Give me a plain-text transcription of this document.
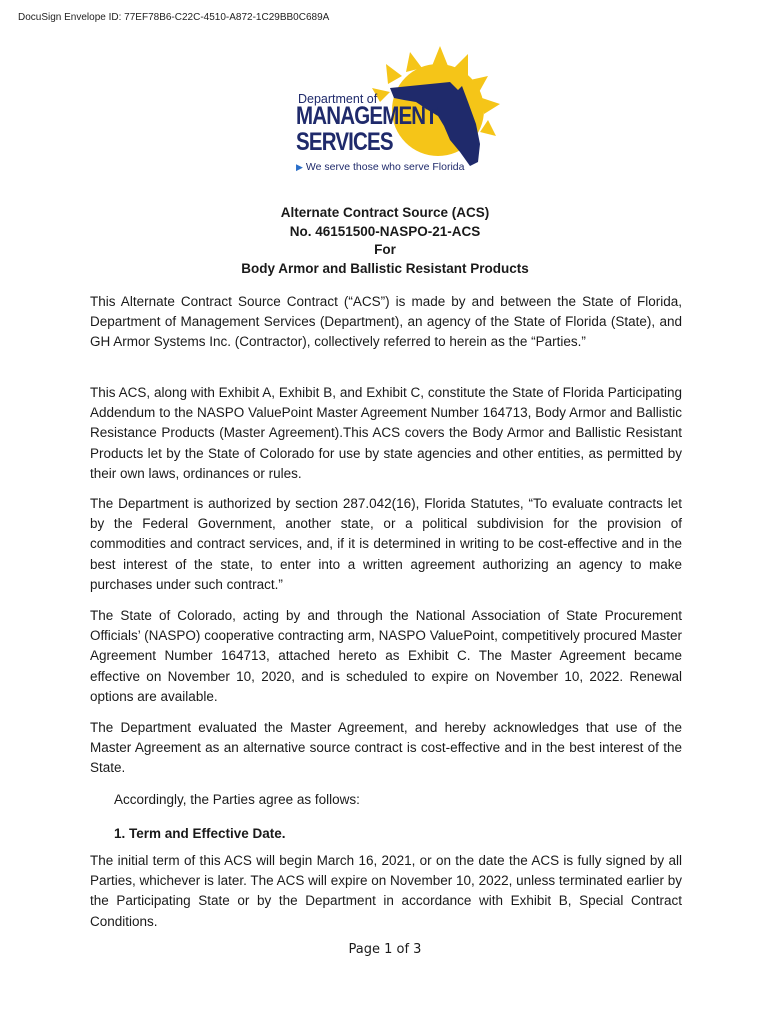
DocuSign Envelope ID: 77EF78B6-C22C-4510-A872-1C29BB0C689A
Department of
MANAGEMENT
SERVICES
▶ We serve those who serve Florida
Alternate Contract Source (ACS)
No. 46151500-NASPO-21-ACS
For
Body Armor and Ballistic Resistant Products
This Alternate Contract Source Contract (“ACS”) is made by and between the State of Florida, Department of Management Services (Department), an agency of the State of Florida (State), and GH Armor Systems Inc. (Contractor), collectively referred to herein as the “Parties.”
This ACS, along with Exhibit A, Exhibit B, and Exhibit C, constitute the State of Florida Participating Addendum to the NASPO ValuePoint Master Agreement Number 164713, Body Armor and Ballistic Resistance Products (Master Agreement).This ACS covers the Body Armor and Ballistic Resistant Products let by the State of Colorado for use by state agencies and other entities, as permitted by their own laws, ordinances or rules.
The Department is authorized by section 287.042(16), Florida Statutes, “To evaluate contracts let by the Federal Government, another state, or a political subdivision for the provision of commodities and contract services, and, if it is determined in writing to be cost-effective and in the best interest of the state, to enter into a written agreement authorizing an agency to make purchases under such contract.”
The State of Colorado, acting by and through the National Association of State Procurement Officials’ (NASPO) cooperative contracting arm, NASPO ValuePoint, competitively procured Master Agreement Number 164713, attached hereto as Exhibit C. The Master Agreement became effective on November 10, 2020, and is scheduled to expire on November 10, 2022. Renewal options are available.
The Department evaluated the Master Agreement, and hereby acknowledges that use of the Master Agreement as an alternative source contract is cost-effective and in the best interest of the State.
Accordingly, the Parties agree as follows:
1. Term and Effective Date.
The initial term of this ACS will begin March 16, 2021, or on the date the ACS is fully signed by all Parties, whichever is later. The ACS will expire on November 10, 2022, unless terminated earlier by the Participating State or by the Department in accordance with Exhibit B, Special Contract Conditions.
Page 1 of 3
